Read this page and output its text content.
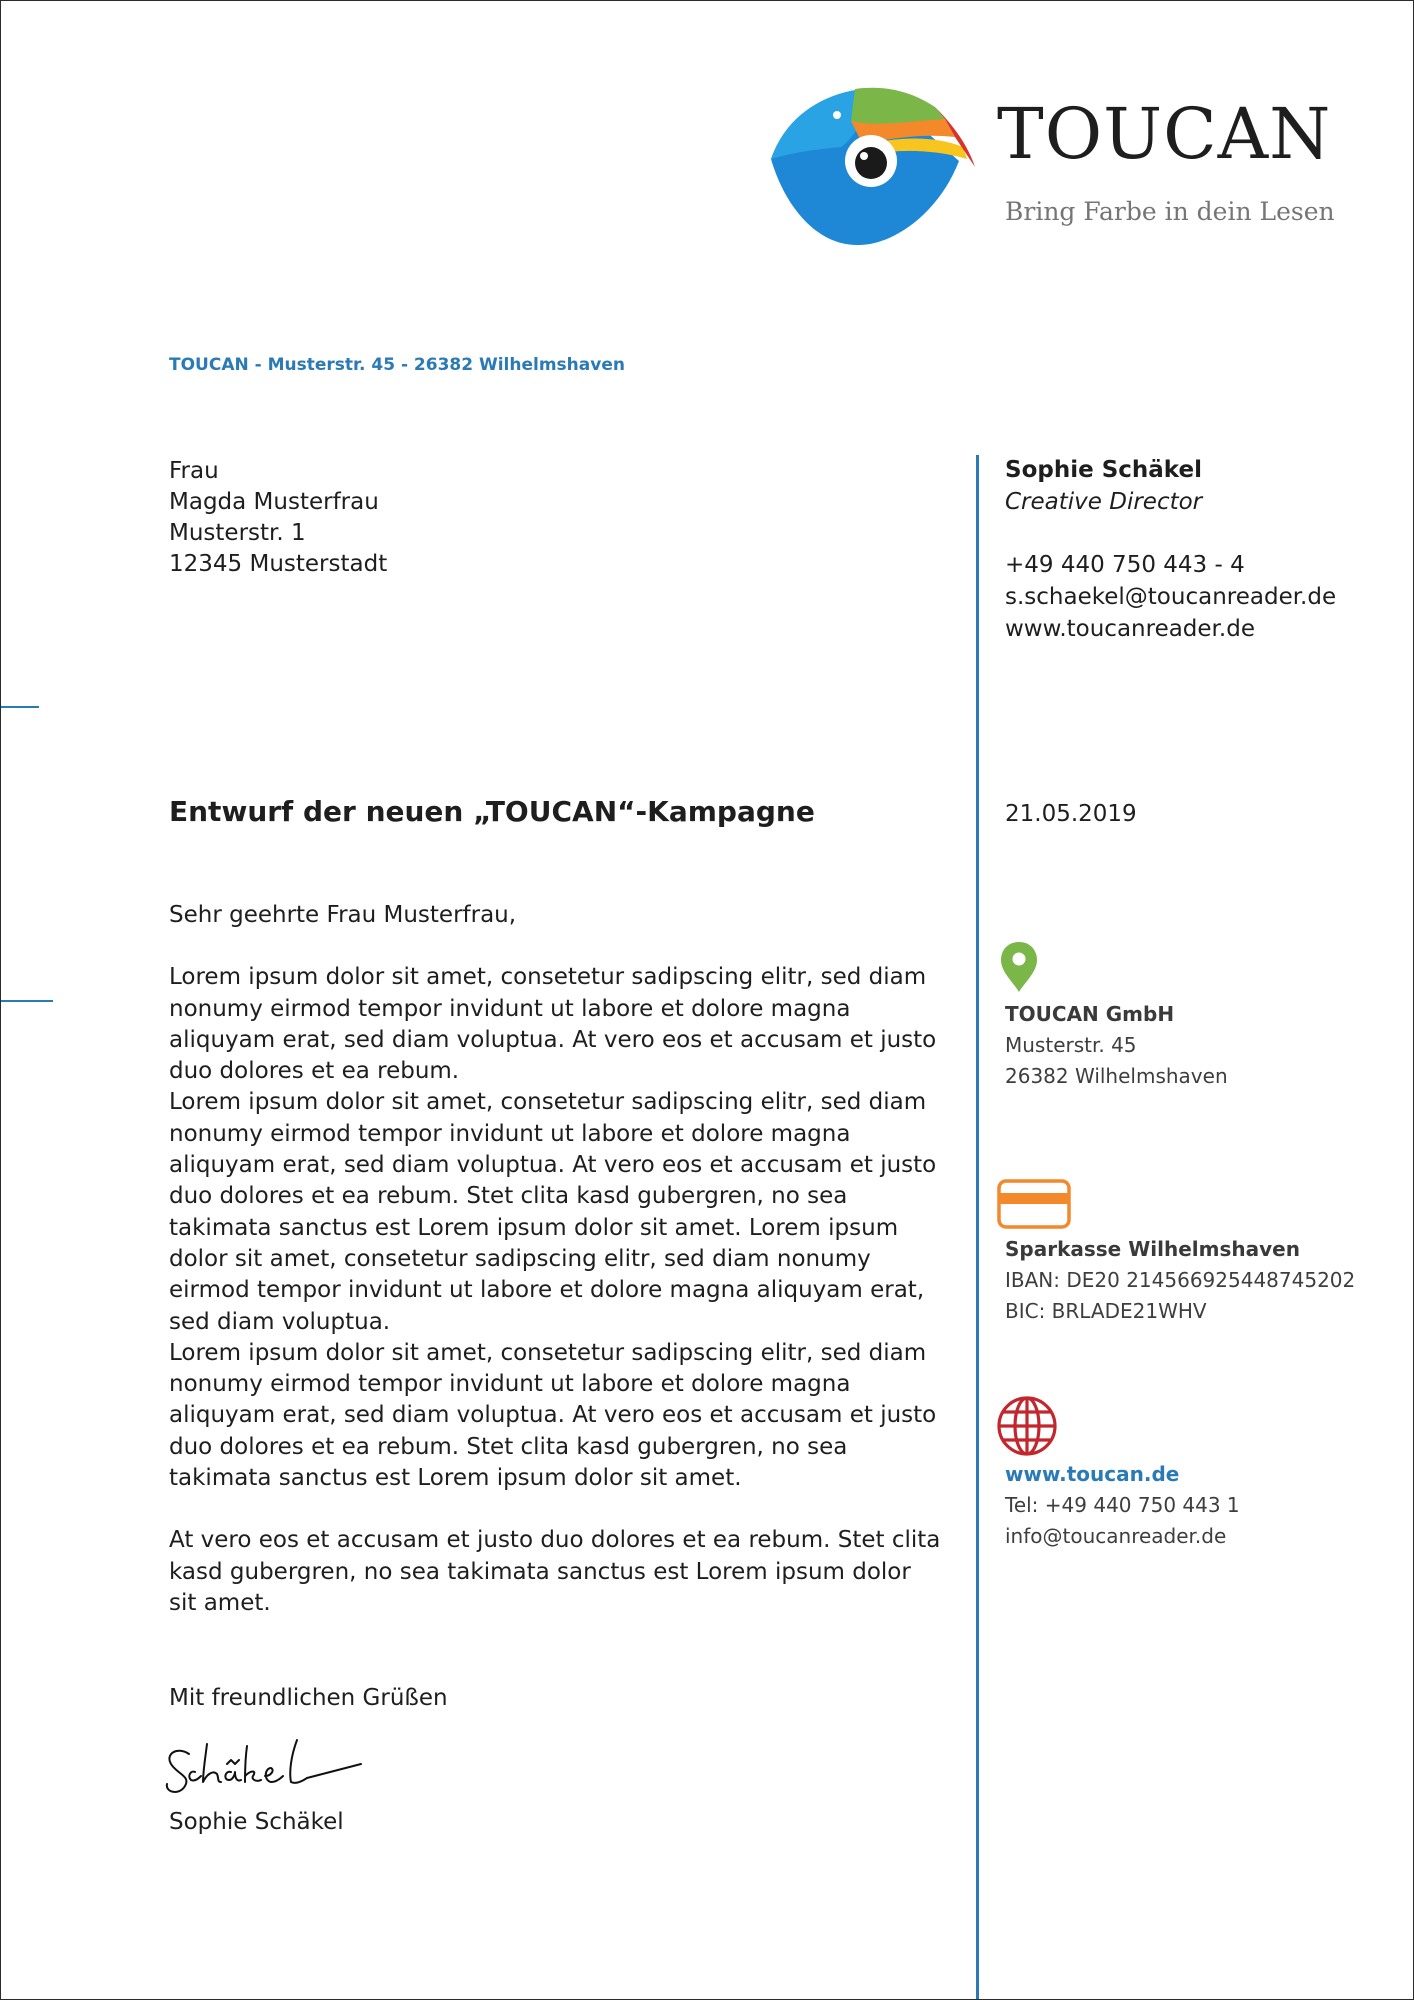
TOUCAN
Bring Farbe in dein Lesen
TOUCAN - Musterstr. 45 - 26382 Wilhelmshaven
Frau
Magda Musterfrau
Musterstr. 1
12345 Musterstadt
Sophie Schäkel
Creative Director
+49 440 750 443 - 4
s.schaekel@toucanreader.de
www.toucanreader.de
Entwurf der neuen „TOUCAN“-Kampagne	21.05.2019

Sehr geehrte Frau Musterfrau,

Lorem ipsum dolor sit amet, consetetur sadipscing elitr, sed diam nonumy eirmod tempor invidunt ut labore et dolore magna aliquyam erat, sed diam voluptua. At vero eos et accusam et justo duo dolores et ea rebum.

Lorem ipsum dolor sit amet, consetetur sadipscing elitr, sed diam nonumy eirmod tempor invidunt ut labore et dolore magna aliquyam erat, sed diam voluptua. At vero eos et accusam et justo duo dolores et ea rebum. Stet clita kasd gubergren, no sea takimata sanctus est Lorem ipsum dolor sit amet. Lorem ipsum dolor sit amet, consetetur sadipscing elitr, sed diam nonumy eirmod tempor invidunt ut labore et dolore magna aliquyam erat, sed diam voluptua.

Lorem ipsum dolor sit amet, consetetur sadipscing elitr, sed diam nonumy eirmod tempor invidunt ut labore et dolore magna aliquyam erat, sed diam voluptua. At vero eos et accusam et justo duo dolores et ea rebum. Stet clita kasd gubergren, no sea takimata sanctus est Lorem ipsum dolor sit amet.

At vero eos et accusam et justo duo dolores et ea rebum. Stet clita kasd gubergren, no sea takimata sanctus est Lorem ipsum dolor sit amet.

Mit freundlichen Grüßen
Sophie Schäkel
TOUCAN GmbH
Musterstr. 45
26382 Wilhelmshaven
Sparkasse Wilhelmshaven
IBAN: DE20 214566925448745202
BIC: BRLADE21WHV
www.toucan.de
Tel: +49 440 750 443 1
info@toucanreader.de
